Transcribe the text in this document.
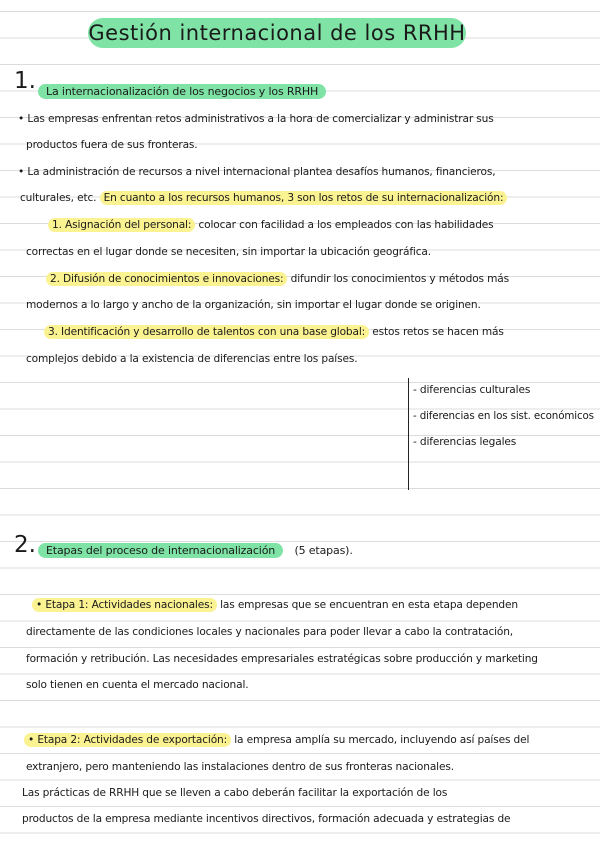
Gestión internacional de los RRHH
1. La internacionalización de los negocios y los RRHH
• Las empresas enfrentan retos administrativos a la hora de comercializar y administrar sus
productos fuera de sus fronteras.
• La administración de recursos a nivel internacional plantea desafíos humanos, financieros,
culturales, etc. En cuanto a los recursos humanos, 3 son los retos de su internacionalización:
1. Asignación del personal: colocar con facilidad a los empleados con las habilidades
correctas en el lugar donde se necesiten, sin importar la ubicación geográfica.
2. Difusión de conocimientos e innovaciones: difundir los conocimientos y métodos más
modernos a lo largo y ancho de la organización, sin importar el lugar donde se originen.
3. Identificación y desarrollo de talentos con una base global: estos retos se hacen más
complejos debido a la existencia de diferencias entre los países.
- diferencias culturales
- diferencias en los sist. económicos
- diferencias legales
2. Etapas del proceso de internacionalización (5 etapas).
• Etapa 1: Actividades nacionales: las empresas que se encuentran en esta etapa dependen
directamente de las condiciones locales y nacionales para poder llevar a cabo la contratación,
formación y retribución. Las necesidades empresariales estratégicas sobre producción y marketing
solo tienen en cuenta el mercado nacional.
• Etapa 2: Actividades de exportación: la empresa amplía su mercado, incluyendo así países del
extranjero, pero manteniendo las instalaciones dentro de sus fronteras nacionales.
Las prácticas de RRHH que se lleven a cabo deberán facilitar la exportación de los
productos de la empresa mediante incentivos directivos, formación adecuada y estrategias de
